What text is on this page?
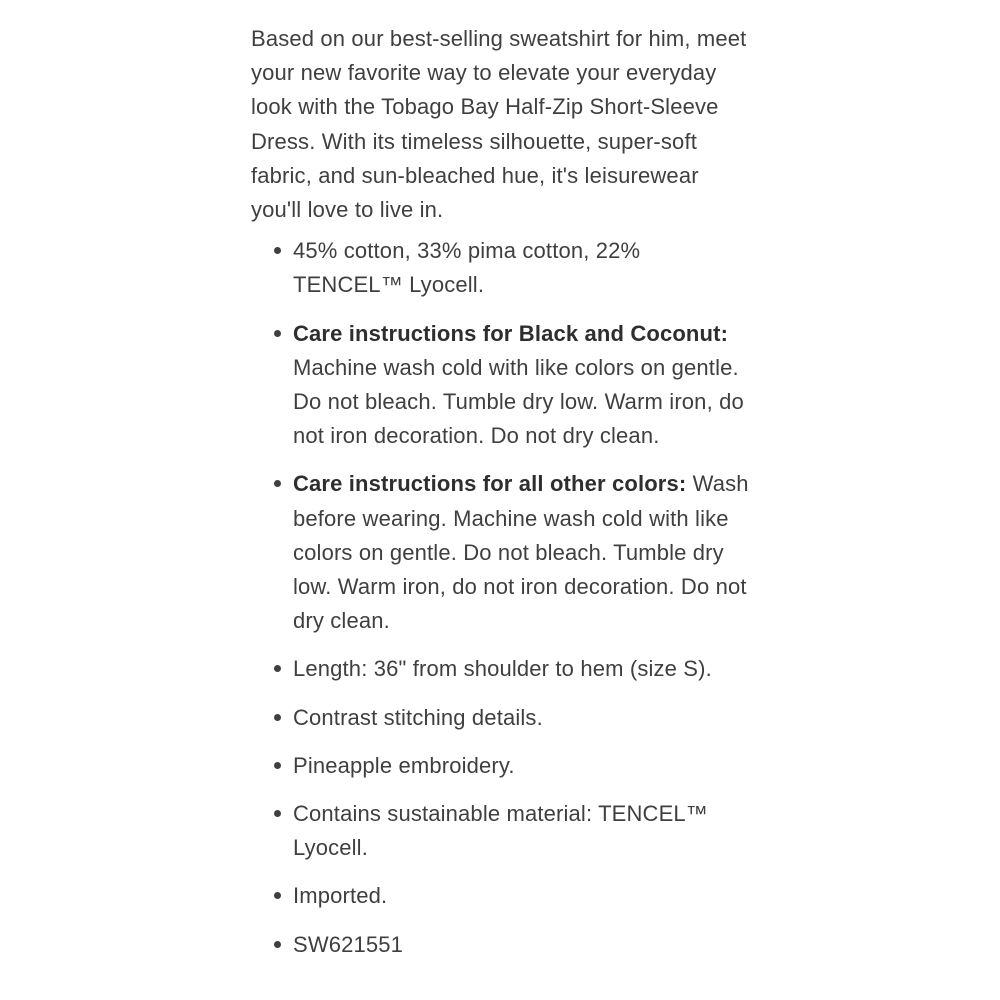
Based on our best-selling sweatshirt for him, meet your new favorite way to elevate your everyday look with the Tobago Bay Half-Zip Short-Sleeve Dress. With its timeless silhouette, super-soft fabric, and sun-bleached hue, it's leisurewear you'll love to live in.

45% cotton, 33% pima cotton, 22% TENCEL™ Lyocell.
Care instructions for Black and Coconut: Machine wash cold with like colors on gentle. Do not bleach. Tumble dry low. Warm iron, do not iron decoration. Do not dry clean.
Care instructions for all other colors: Wash before wearing. Machine wash cold with like colors on gentle. Do not bleach. Tumble dry low. Warm iron, do not iron decoration. Do not dry clean.
Length: 36" from shoulder to hem (size S).
Contrast stitching details.
Pineapple embroidery.
Contains sustainable material: TENCEL™ Lyocell.
Imported.
SW621551
